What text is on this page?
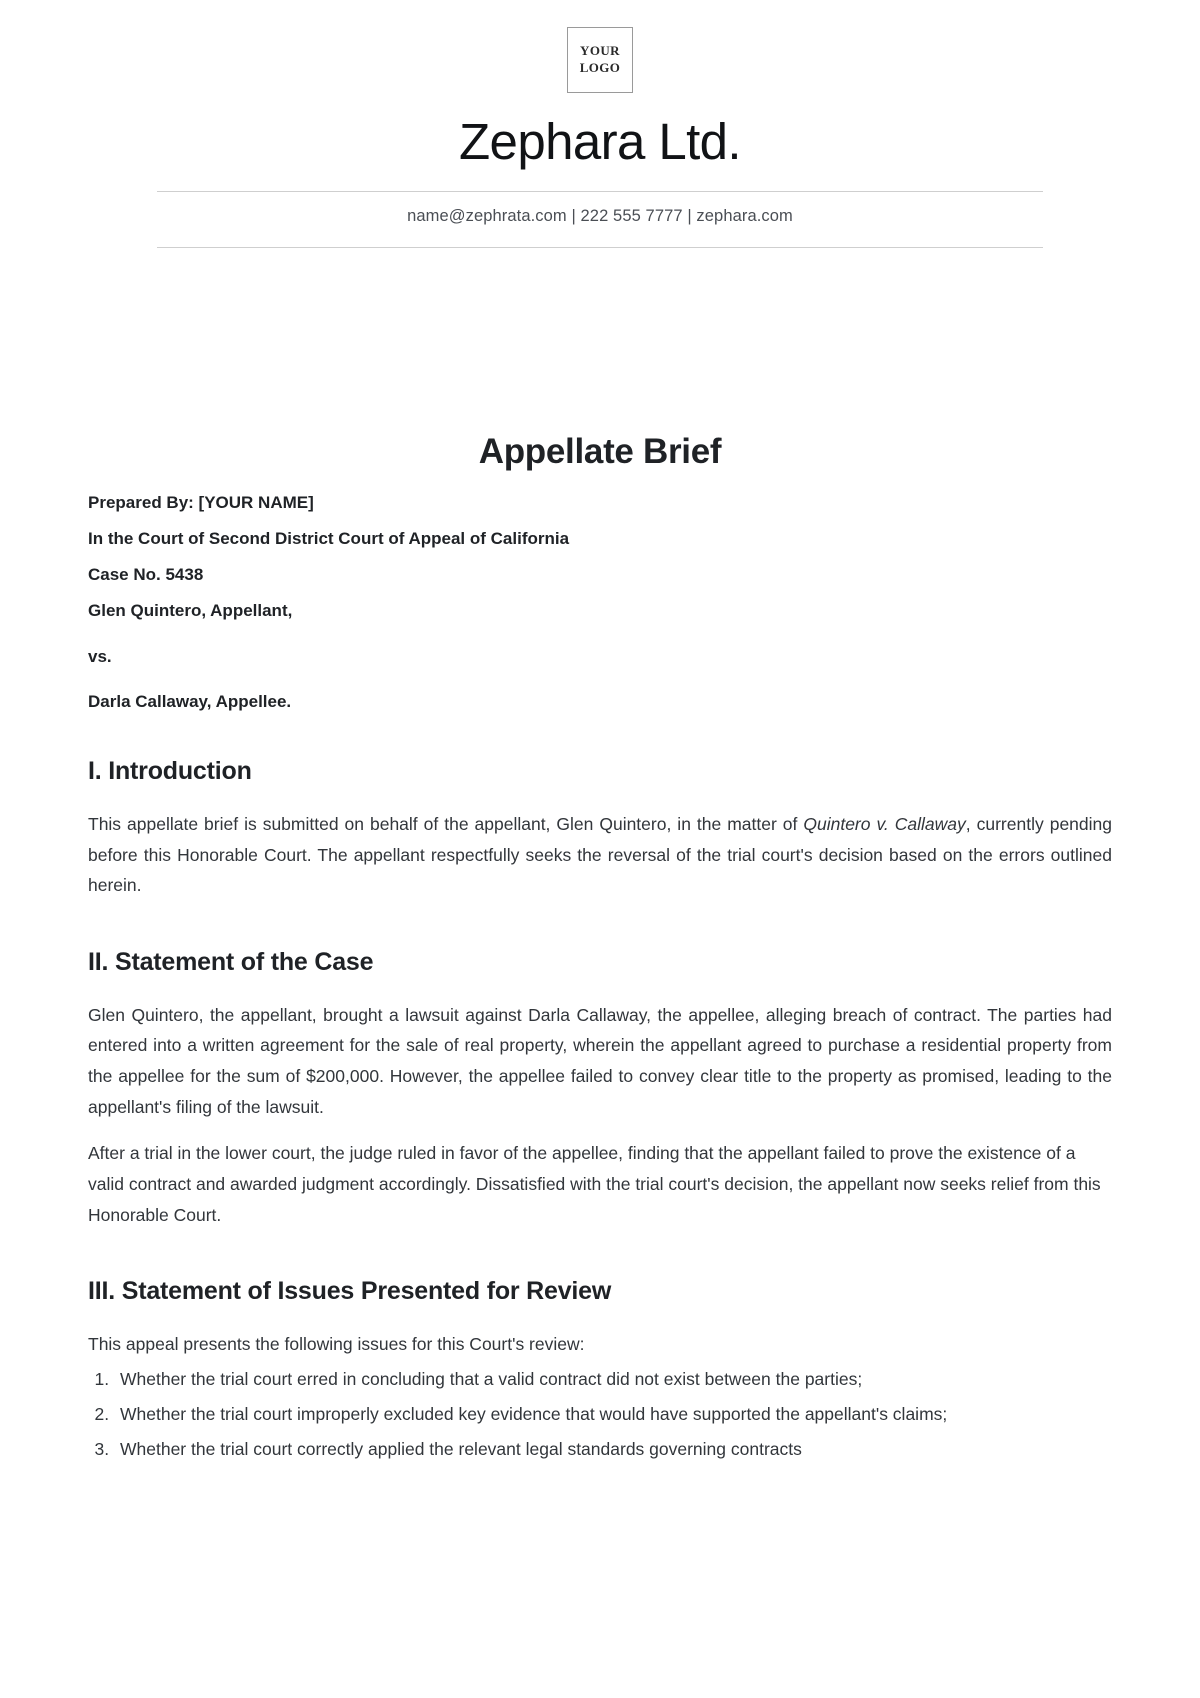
YOUR
LOGO
Zephara Ltd.
name@zephrata.com | 222 555 7777 | zephara.com
Appellate Brief
Prepared By: [YOUR NAME]
In the Court of Second District Court of Appeal of California
Case No. 5438
Glen Quintero, Appellant,
vs.
Darla Callaway, Appellee.
I. Introduction

This appellate brief is submitted on behalf of the appellant, Glen Quintero, in the matter of Quintero v. Callaway, currently pending before this Honorable Court. The appellant respectfully seeks the reversal of the trial court's decision based on the errors outlined herein.

II. Statement of the Case

Glen Quintero, the appellant, brought a lawsuit against Darla Callaway, the appellee, alleging breach of contract. The parties had entered into a written agreement for the sale of real property, wherein the appellant agreed to purchase a residential property from the appellee for the sum of $200,000. However, the appellee failed to convey clear title to the property as promised, leading to the appellant's filing of the lawsuit.

After a trial in the lower court, the judge ruled in favor of the appellee, finding that the appellant failed to prove the existence of a valid contract and awarded judgment accordingly. Dissatisfied with the trial court's decision, the appellant now seeks relief from this Honorable Court.

III. Statement of Issues Presented for Review

This appeal presents the following issues for this Court's review:

1. Whether the trial court erred in concluding that a valid contract did not exist between the parties;
2. Whether the trial court improperly excluded key evidence that would have supported the appellant's claims;
3. Whether the trial court correctly applied the relevant legal standards governing contracts
